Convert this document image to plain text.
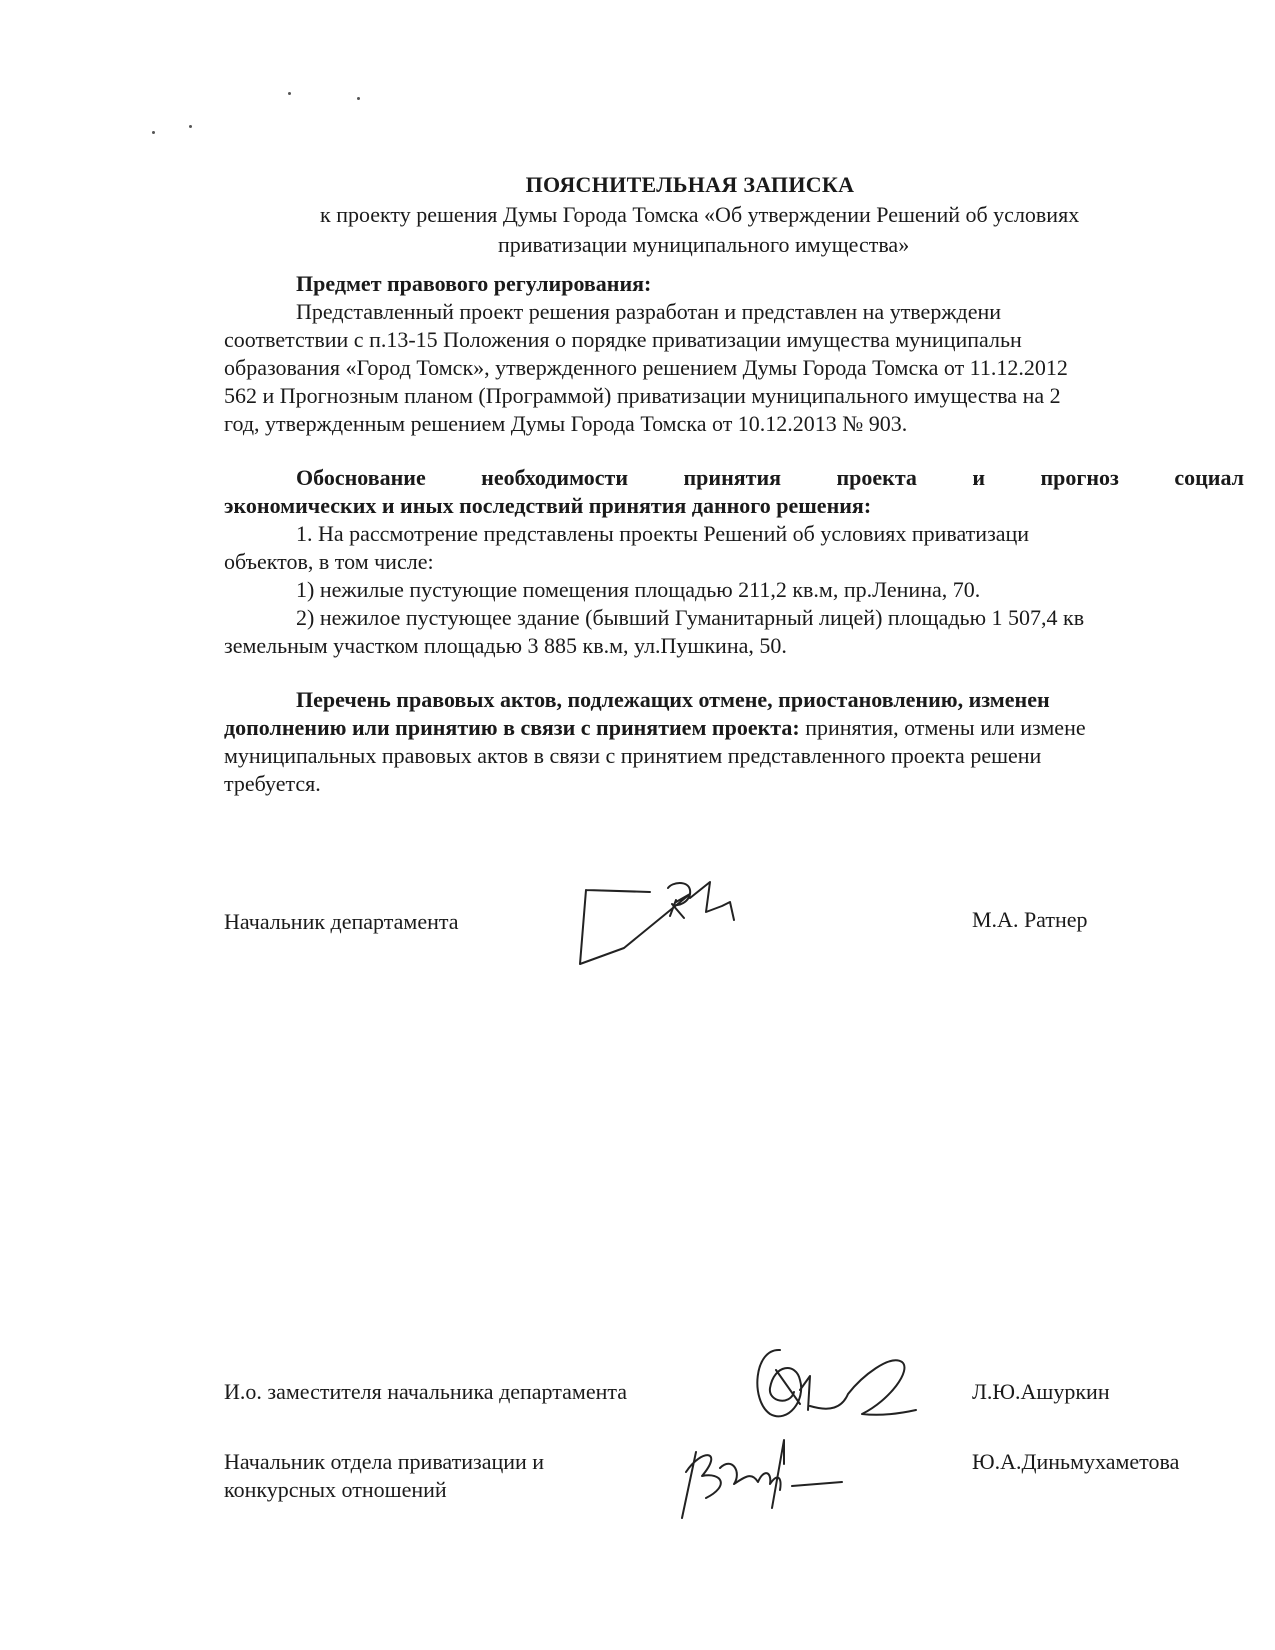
ПОЯСНИТЕЛЬНАЯ ЗАПИСКА
к проекту решения Думы Города Томска «Об утверждении Решений об условиях
приватизации муниципального имущества»

Предмет правового регулирования:

Представленный проект решения разработан и представлен на утверждени

соответствии с п.13-15 Положения о порядке приватизации имущества муниципальн

образования «Город Томск», утвержденного решением Думы Города Томска от 11.12.2012

562 и Прогнозным планом (Программой) приватизации муниципального имущества на 2

год, утвержденным решением Думы Города Томска от 10.12.2013 № 903.

Обоснование	необходимости	принятия	проекта	и	прогноз	социал

экономических и иных последствий принятия данного решения:

1. На рассмотрение представлены проекты Решений об условиях приватизаци

объектов, в том числе:

1) нежилые пустующие помещения площадью 211,2 кв.м, пр.Ленина, 70.

2) нежилое пустующее здание (бывший Гуманитарный лицей) площадью 1 507,4 кв

земельным участком площадью 3 885 кв.м, ул.Пушкина, 50.

Перечень правовых актов, подлежащих отмене, приостановлению, изменен

дополнению или принятию в связи с принятием проекта: принятия, отмены или измене

муниципальных правовых актов в связи с принятием представленного проекта решени

требуется.

Начальник департамента	М.А. Ратнер
И.о. заместителя начальника департамента	Л.Ю.Ашуркин
Начальник отдела приватизации и
конкурсных отношений
Ю.А.Диньмухаметова
